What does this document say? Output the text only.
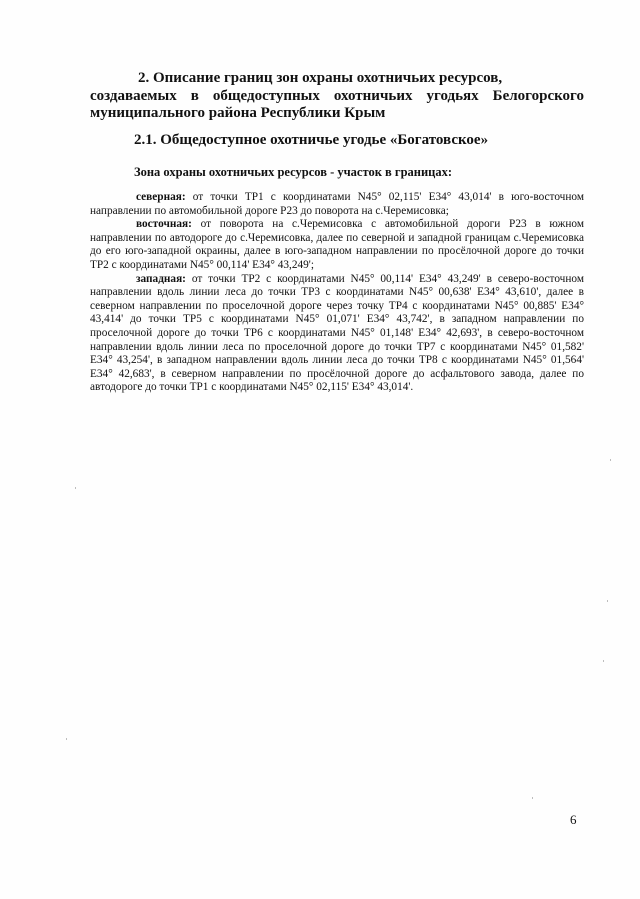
2. Описание границ зон охраны охотничьих ресурсов,
создаваемых в общедоступных охотничьих угодьях Белогорского муниципального района Республики Крым
2.1. Общедоступное охотничье угодье «Богатовское»
Зона охраны охотничьих ресурсов - участок в границах:

северная: от точки ТР1 с координатами N45° 02,115' E34° 43,014' в юго-восточном направлении по автомобильной дороге Р23 до поворота на с.Черемисовка;

восточная: от поворота на с.Черемисовка с автомобильной дороги Р23 в южном направлении по автодороге до с.Черемисовка, далее по северной и западной границам с.Черемисовка до его юго-западной окраины, далее в юго-западном направлении по просёлочной дороге до точки ТР2 с координатами N45° 00,114' E34° 43,249';

западная: от точки ТР2 с координатами N45° 00,114' E34° 43,249' в северо-восточном направлении вдоль линии леса до точки ТР3 с координатами N45° 00,638' E34° 43,610', далее в северном направлении по проселочной дороге через точку ТР4 с координатами N45° 00,885' E34° 43,414' до точки ТР5 с координатами N45° 01,071' E34° 43,742', в западном направлении по проселочной дороге до точки ТР6 с координатами N45° 01,148' E34° 42,693', в северо-восточном направлении вдоль линии леса по проселочной дороге до точки ТР7 с координатами N45° 01,582' E34° 43,254', в западном направлении вдоль линии леса до точки ТР8 с координатами N45° 01,564' E34° 42,683', в северном направлении по просёлочной дороге до асфальтового завода, далее по автодороге до точки ТР1 с координатами N45° 02,115' E34° 43,014'.

6
